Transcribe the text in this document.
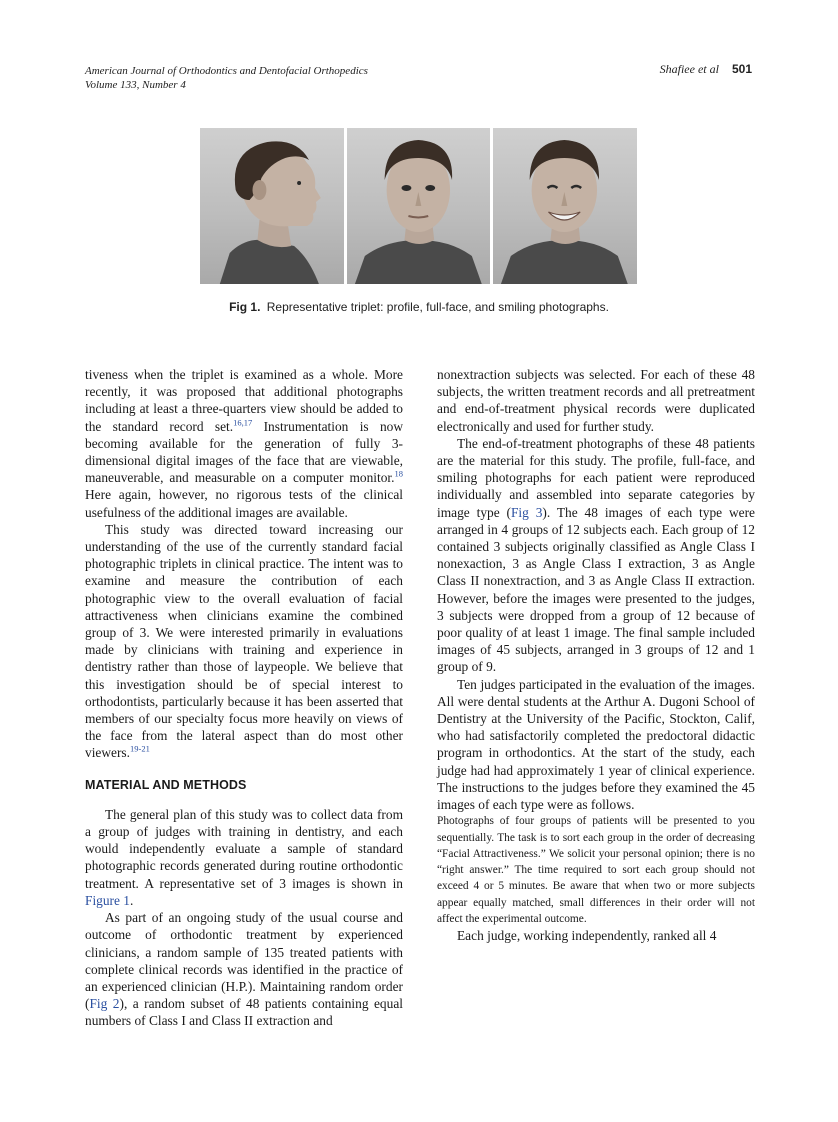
American Journal of Orthodontics and Dentofacial Orthopedics
Volume 133, Number 4
Shafiee et al 501
Fig 1. Representative triplet: profile, full-face, and smiling photographs.

tiveness when the triplet is examined as a whole. More recently, it was proposed that additional photographs including at least a three-quarters view should be added to the standard record set.$^{16,17}$ Instrumentation is now becoming available for the generation of fully 3-dimensional digital images of the face that are viewable, maneuverable, and measurable on a computer monitor.$^{18}$ Here again, however, no rigorous tests of the clinical usefulness of the additional images are available.

This study was directed toward increasing our understanding of the use of the currently standard facial photographic triplets in clinical practice. The intent was to examine and measure the contribution of each photographic view to the overall evaluation of facial attractiveness when clinicians examine the combined group of 3. We were interested primarily in evaluations made by clinicians with training and experience in dentistry rather than those of laypeople. We believe that this investigation should be of special interest to orthodontists, particularly because it has been asserted that members of our specialty focus more heavily on views of the face from the lateral aspect than do most other viewers.$^{19-21}$

MATERIAL AND METHODS

The general plan of this study was to collect data from a group of judges with training in dentistry, and each would independently evaluate a sample of standard photographic records generated during routine orthodontic treatment. A representative set of 3 images is shown in Figure 1.

As part of an ongoing study of the usual course and outcome of orthodontic treatment by experienced clinicians, a random sample of 135 treated patients with complete clinical records was identified in the practice of an experienced clinician (H.P.). Maintaining random order (Fig 2), a random subset of 48 patients containing equal numbers of Class I and Class II extraction and

nonextraction subjects was selected. For each of these 48 subjects, the written treatment records and all pretreatment and end-of-treatment physical records were duplicated electronically and used for further study.

The end-of-treatment photographs of these 48 patients are the material for this study. The profile, full-face, and smiling photographs for each patient were reproduced individually and assembled into separate categories by image type (Fig 3). The 48 images of each type were arranged in 4 groups of 12 subjects each. Each group of 12 contained 3 subjects originally classified as Angle Class I nonexaction, 3 as Angle Class I extraction, 3 as Angle Class II nonextraction, and 3 as Angle Class II extraction. However, before the images were presented to the judges, 3 subjects were dropped from a group of 12 because of poor quality of at least 1 image. The final sample included images of 45 subjects, arranged in 3 groups of 12 and 1 group of 9.

Ten judges participated in the evaluation of the images. All were dental students at the Arthur A. Dugoni School of Dentistry at the University of the Pacific, Stockton, Calif, who had satisfactorily completed the predoctoral didactic program in orthodontics. At the start of the study, each judge had had approximately 1 year of clinical experience. The instructions to the judges before they examined the 45 images of each type were as follows.

Photographs of four groups of patients will be presented to you sequentially. The task is to sort each group in the order of decreasing “Facial Attractiveness.” We solicit your personal opinion; there is no “right answer.” The time required to sort each group should not exceed 4 or 5 minutes. Be aware that when two or more subjects appear equally matched, small differences in their order will not affect the experimental outcome.

Each judge, working independently, ranked all 4
